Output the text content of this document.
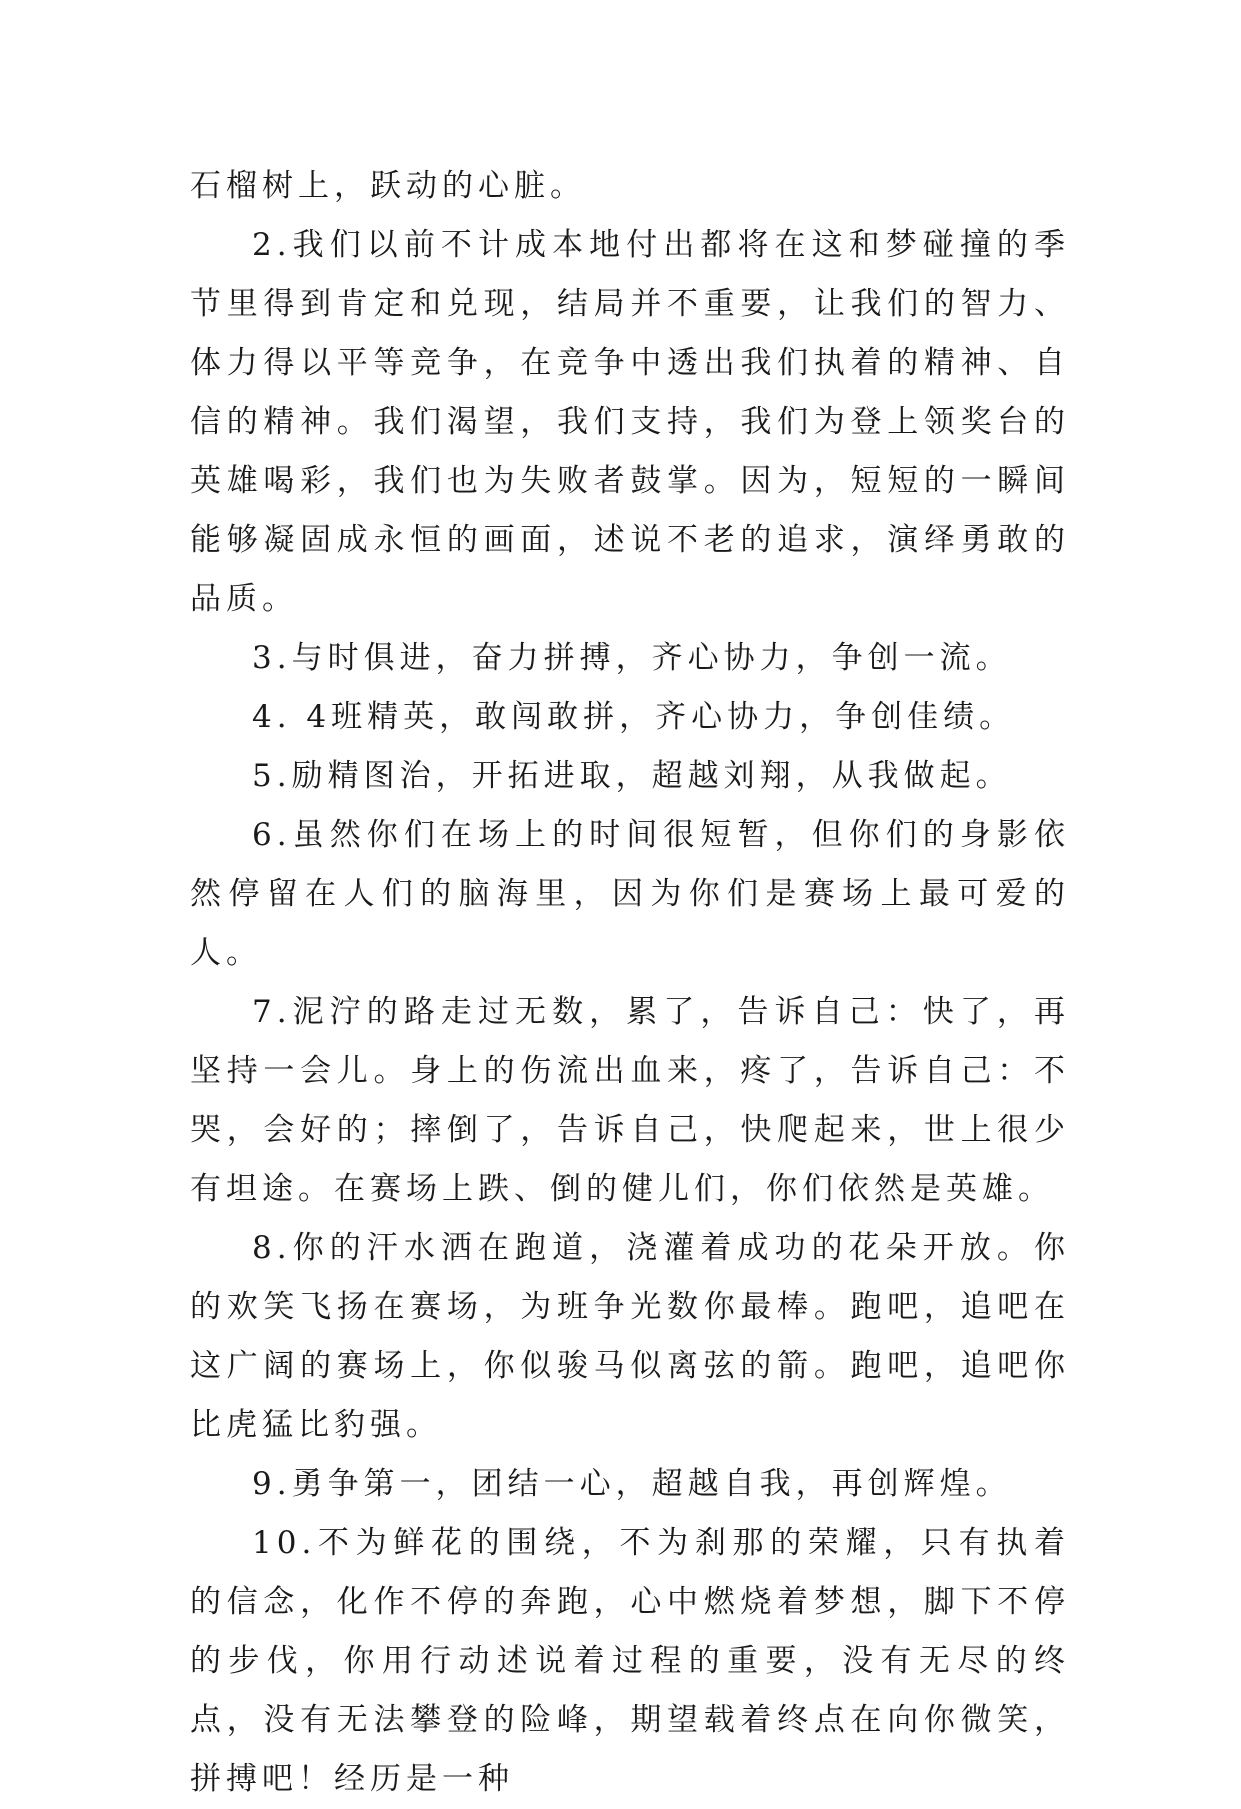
石榴树上，跃动的心脏。

2.我们以前不计成本地付出都将在这和梦碰撞的季节里得到肯定和兑现，结局并不重要，让我们的智力、体力得以平等竞争，在竞争中透出我们执着的精神、自信的精神。我们渴望，我们支持，我们为登上领奖台的英雄喝彩，我们也为失败者鼓掌。因为，短短的一瞬间能够凝固成永恒的画面，述说不老的追求，演绎勇敢的品质。

3.与时俱进，奋力拼搏，齐心协力，争创一流。

4. 4班精英，敢闯敢拼，齐心协力，争创佳绩。

5.励精图治，开拓进取，超越刘翔，从我做起。

6.虽然你们在场上的时间很短暂，但你们的身影依然停留在人们的脑海里，因为你们是赛场上最可爱的人。

7.泥泞的路走过无数，累了，告诉自己：快了，再坚持一会儿。身上的伤流出血来，疼了，告诉自己：不哭，会好的；摔倒了，告诉自己，快爬起来，世上很少有坦途。在赛场上跌、倒的健儿们，你们依然是英雄。

8.你的汗水洒在跑道，浇灌着成功的花朵开放。你的欢笑飞扬在赛场，为班争光数你最棒。跑吧，追吧在这广阔的赛场上，你似骏马似离弦的箭。跑吧，追吧你比虎猛比豹强。

9.勇争第一，团结一心，超越自我，再创辉煌。

10.不为鲜花的围绕，不为刹那的荣耀，只有执着的信念，化作不停的奔跑，心中燃烧着梦想，脚下不停的步伐，你用行动述说着过程的重要，没有无尽的终点，没有无法攀登的险峰，期望载着终点在向你微笑，拼搏吧！经历是一种
